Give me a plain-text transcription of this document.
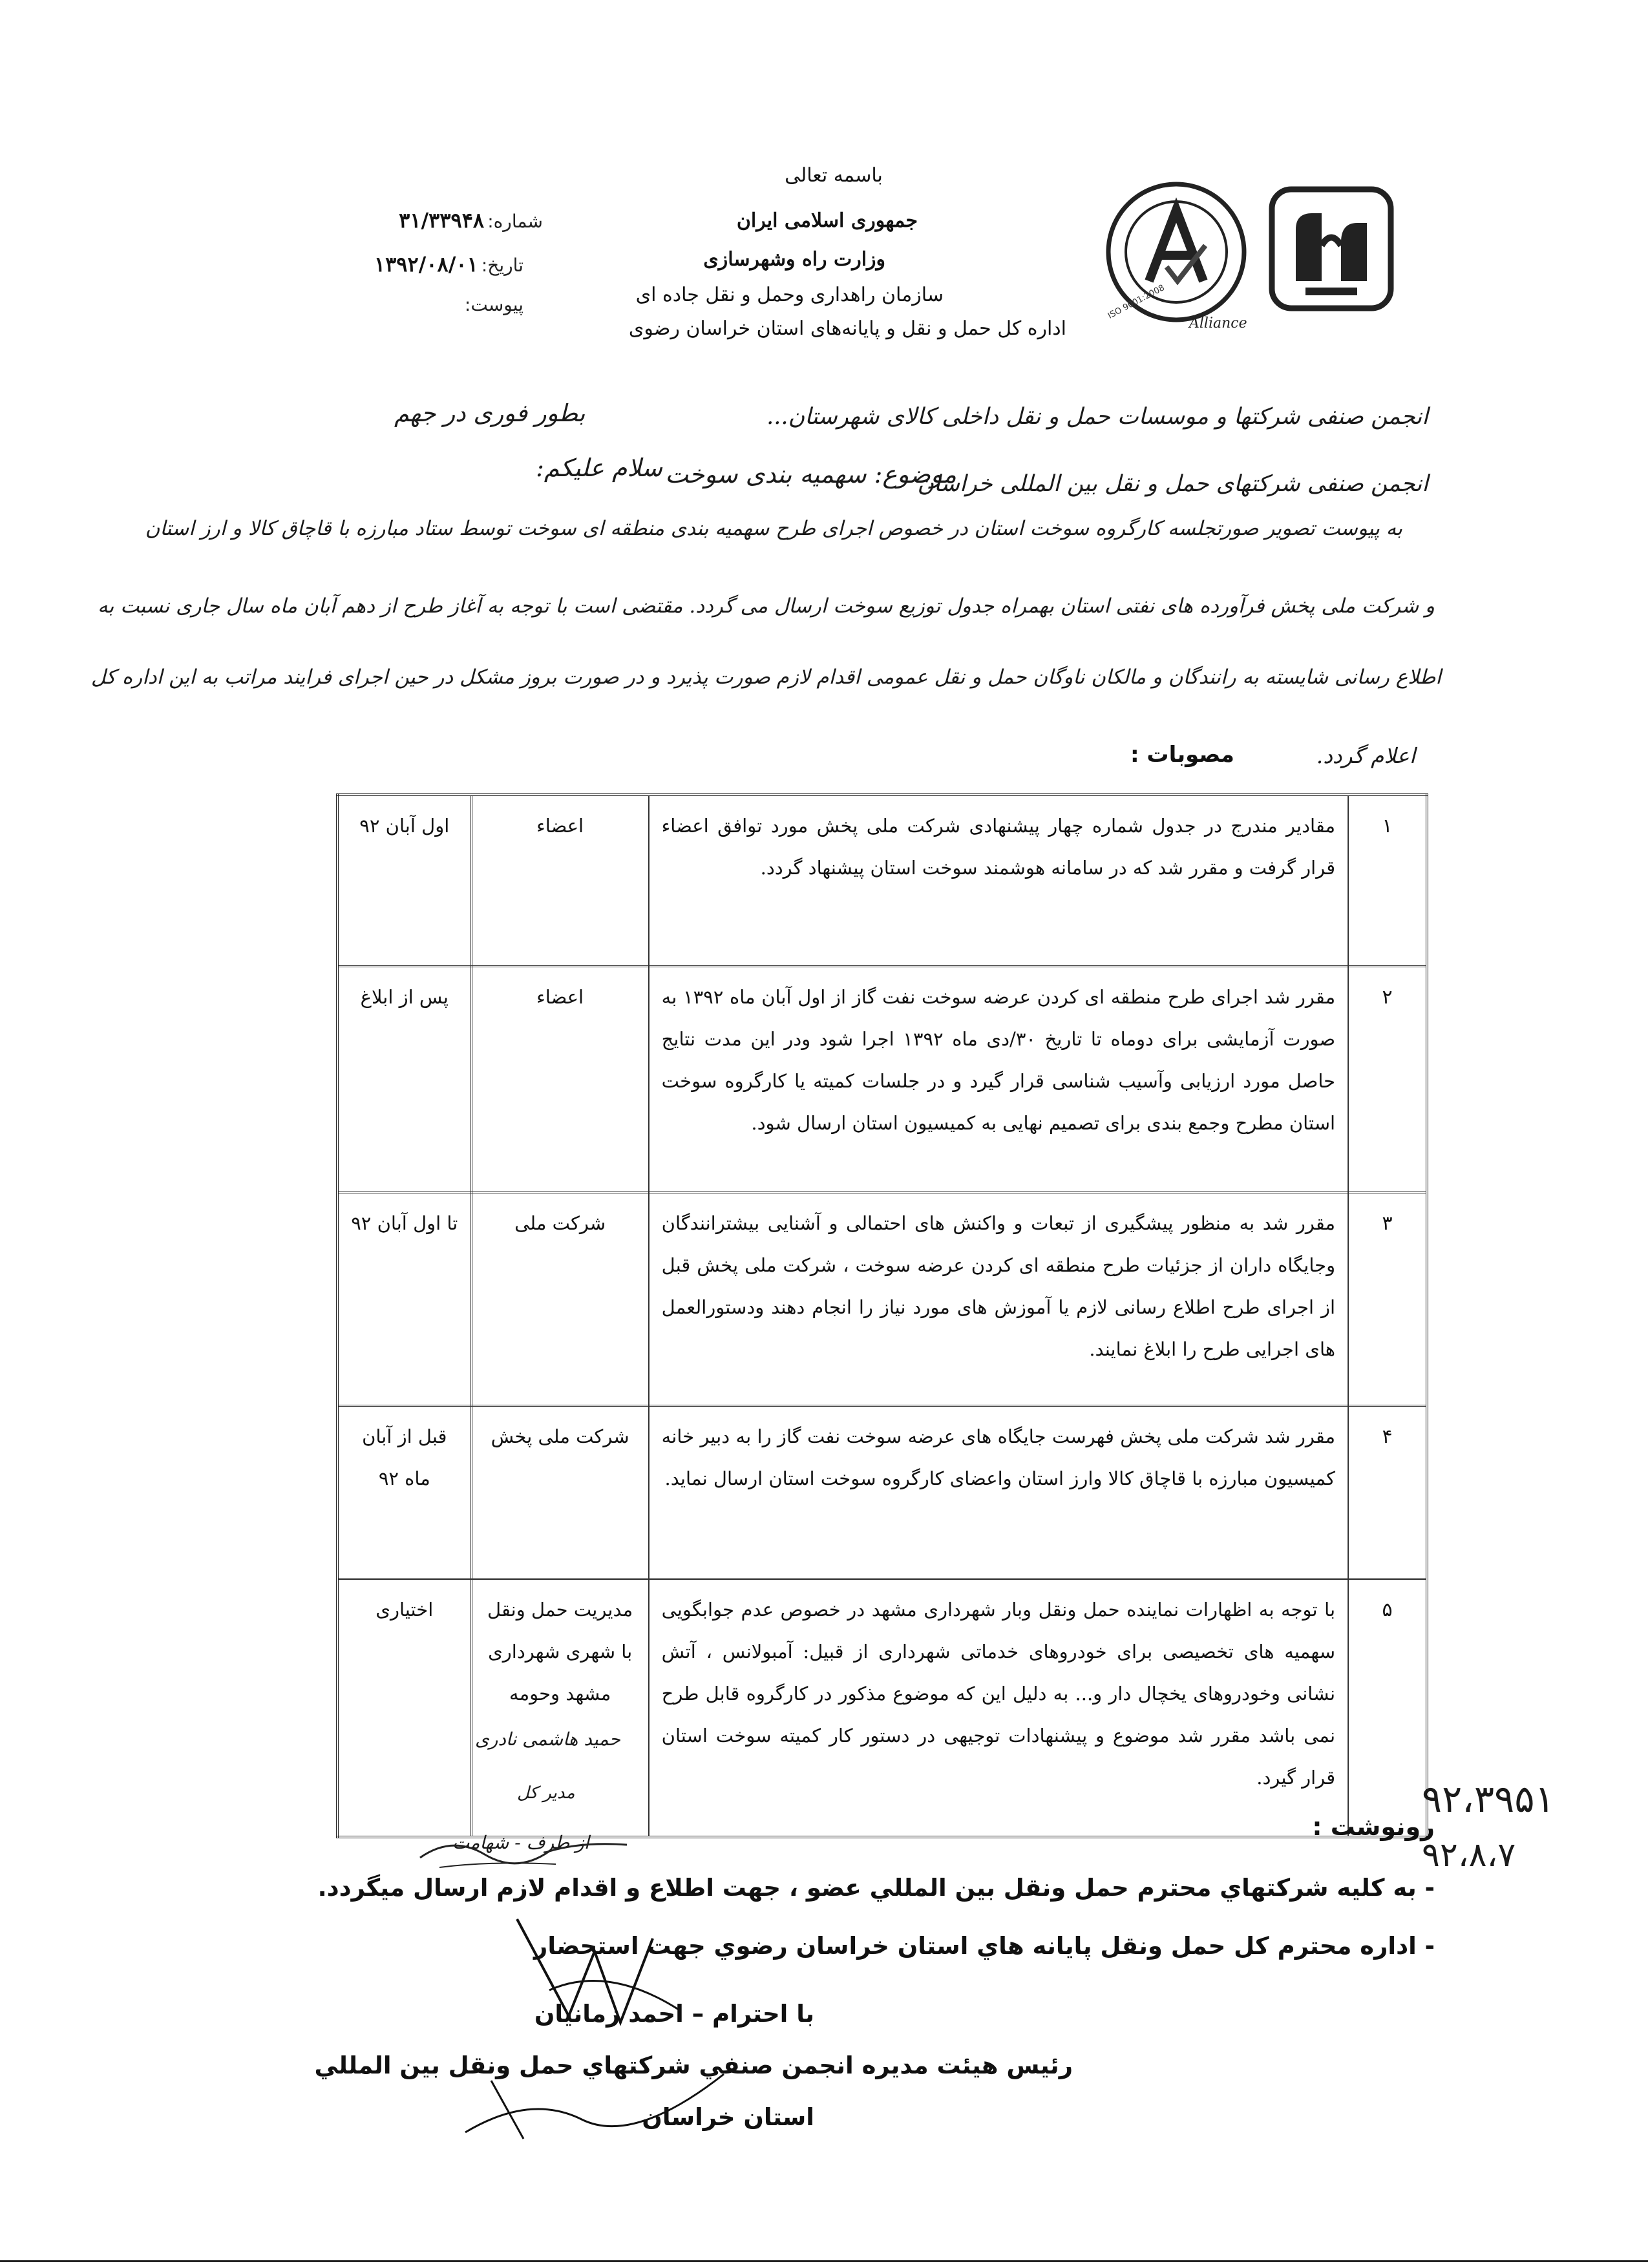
Alliance
ISO 9001:2008
باسمه تعالی
جمهوری اسلامی ایران
وزارت راه وشهرسازی
سازمان راهداری وحمل و نقل جاده ای
اداره کل حمل و نقل و پایانه‌های استان خراسان رضوی
شماره: ۳۱/۳۳۹۴۸
تاریخ: ۱۳۹۲/۰۸/۰۱
پیوست:
بطور فوری در جهم	انجمن صنفی شرکتها و موسسات حمل و نقل داخلی کالای شهرستان...
انجمن صنفی شرکتهای حمل و نقل بین المللی خراسان
موضوع: سهمیه بندی سوخت
سلام علیکم:
به پیوست تصویر صورتجلسه کارگروه سوخت استان در خصوص اجرای طرح سهمیه بندی منطقه ای سوخت توسط ستاد مبارزه با قاچاق کالا و ارز استان
و شرکت ملی پخش فرآورده های نفتی استان بهمراه جدول توزیع سوخت ارسال می گردد. مقتضی است با توجه به آغاز طرح از دهم آبان ماه سال جاری نسبت به
اطلاع رسانی شایسته به رانندگان و مالکان ناوگان حمل و نقل عمومی اقدام لازم صورت پذیرد و در صورت بروز مشکل در حین اجرای فرایند مراتب به این اداره کل
اعلام گردد.
مصوبات :
۱	مقادیر مندرج در جدول شماره چهار پیشنهادی شرکت ملی پخش مورد توافق اعضاء قرار گرفت و مقرر شد که در سامانه هوشمند سوخت استان پیشنهاد گردد.	اعضاء	اول آبان ۹۲
۲	مقرر شد اجرای طرح منطقه ای کردن عرضه سوخت نفت گاز از اول آبان ماه ۱۳۹۲ به صورت آزمایشی برای دوماه تا تاریخ ۳۰/دی ماه ۱۳۹۲ اجرا شود ودر این مدت نتایج حاصل مورد ارزیابی وآسیب شناسی قرار گیرد و در جلسات کمیته یا کارگروه سوخت استان مطرح وجمع بندی برای تصمیم نهایی به کمیسیون استان ارسال شود.	اعضاء	پس از ابلاغ
۳	مقرر شد به منظور پیشگیری از تبعات و واکنش های احتمالی و آشنایی بیشترانندگان وجایگاه داران از جزئیات طرح منطقه ای کردن عرضه سوخت ، شرکت ملی پخش قبل از اجرای طرح اطلاع رسانی لازم یا آموزش های مورد نیاز را انجام دهند ودستورالعمل های اجرایی طرح را ابلاغ نمایند.	شرکت ملی	تا اول آبان ۹۲
۴	مقرر شد شرکت ملی پخش فهرست جایگاه های عرضه سوخت نفت گاز را به دبیر خانه کمیسیون مبارزه با قاچاق کالا وارز استان واعضای کارگروه سوخت استان ارسال نماید.	شرکت ملی پخش	قبل از آبان ماه ۹۲
۵	با توجه به اظهارات نماینده حمل ونقل وبار شهرداری مشهد در خصوص عدم جوابگویی سهمیه های تخصیصی برای خودروهای خدماتی شهرداری از قبیل: آمبولانس ، آتش نشانی وخودروهای یخچال دار و... به دلیل این که موضوع مذکور در کارگروه قابل طرح نمی باشد مقرر شد موضوع و پیشنهادات توجیهی در دستور کار کمیته سوخت استان قرار گیرد.	مدیریت حمل ونقل با شهری شهرداری مشهد وحومه	اختیاری
حمید هاشمی نادری
مدیر کل
از طرف - شهامت
۹۲،۳۹۵۱
۹۲،۸،۷
رونوشت :
- به كليه شركتهاي محترم حمل ونقل بين المللي عضو ، جهت اطلاع و اقدام لازم ارسال ميگردد.
- اداره محترم كل حمل ونقل پايانه هاي استان خراسان رضوي جهت استحضار
با احترام – احمد زمانیان
رئيس هيئت مديره انجمن صنفي شركتهاي حمل ونقل بين المللي
استان خراسان
